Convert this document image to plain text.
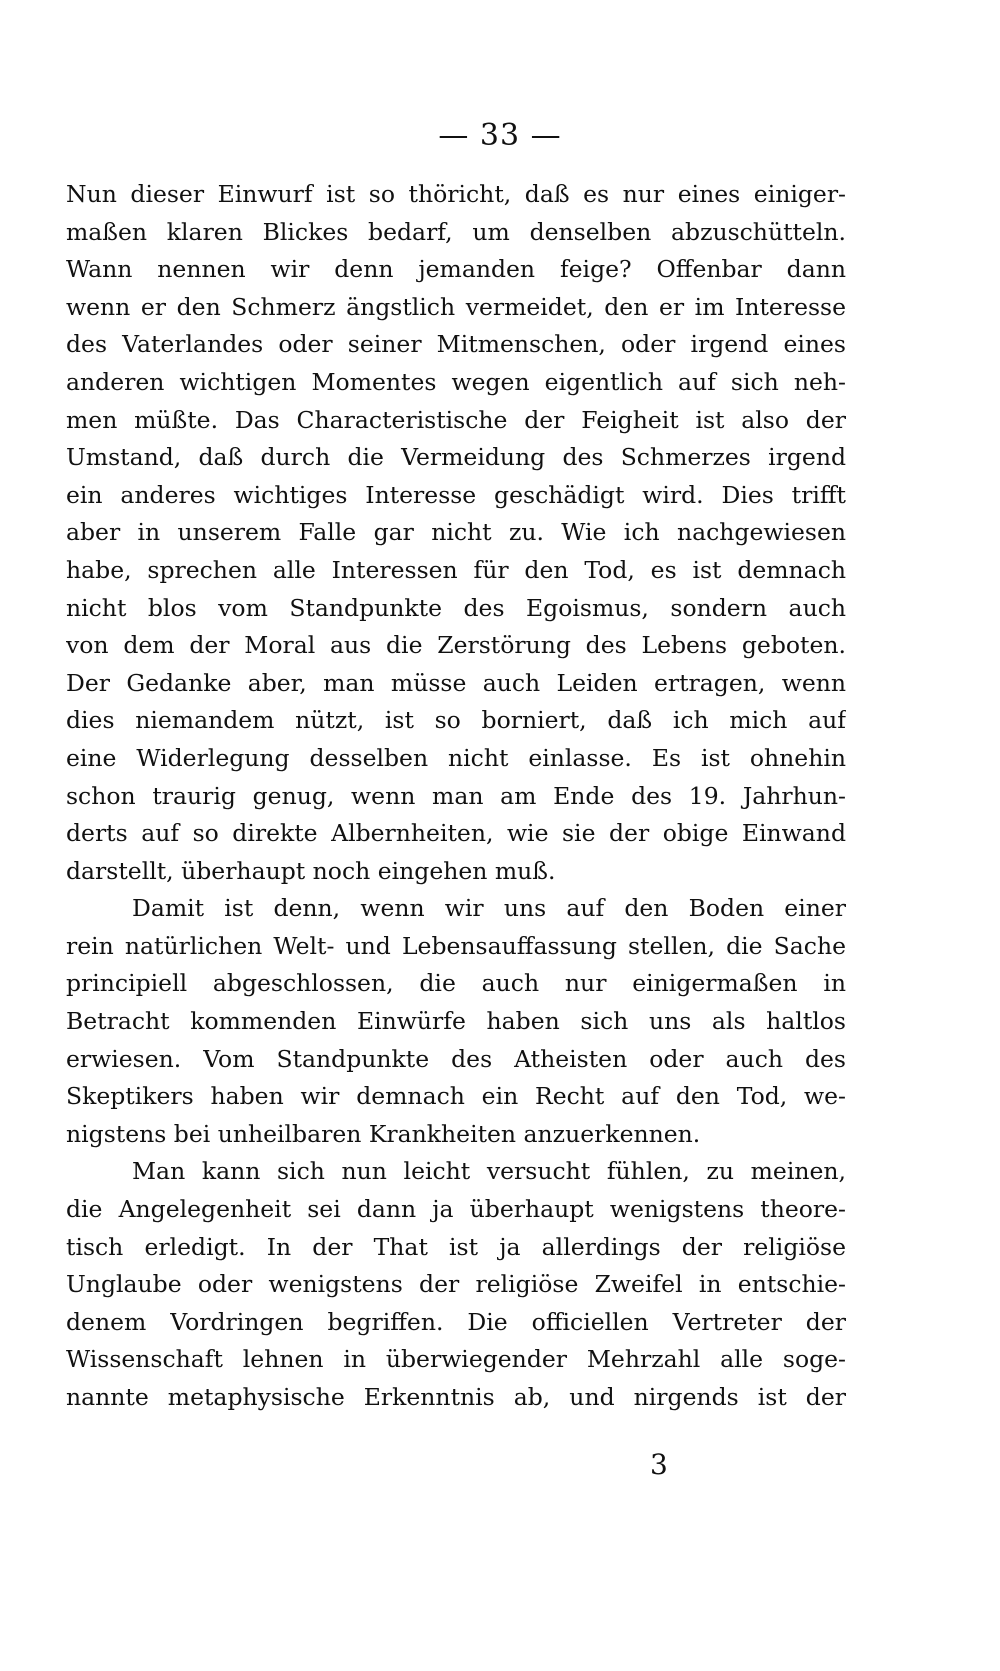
— 33 —
Nun dieser Einwurf ist so thöricht, daß es nur eines einiger-
maßen klaren Blickes bedarf, um denselben abzuschütteln.
Wann nennen wir denn jemanden feige? Offenbar dann
wenn er den Schmerz ängstlich vermeidet, den er im Interesse
des Vaterlandes oder seiner Mitmenschen, oder irgend eines
anderen wichtigen Momentes wegen eigentlich auf sich neh-
men müßte. Das Characteristische der Feigheit ist also der
Umstand, daß durch die Vermeidung des Schmerzes irgend
ein anderes wichtiges Interesse geschädigt wird. Dies trifft
aber in unserem Falle gar nicht zu. Wie ich nachgewiesen
habe, sprechen alle Interessen für den Tod, es ist demnach
nicht blos vom Standpunkte des Egoismus, sondern auch
von dem der Moral aus die Zerstörung des Lebens geboten.
Der Gedanke aber, man müsse auch Leiden ertragen, wenn
dies niemandem nützt, ist so borniert, daß ich mich auf
eine Widerlegung desselben nicht einlasse. Es ist ohnehin
schon traurig genug, wenn man am Ende des 19. Jahrhun-
derts auf so direkte Albernheiten, wie sie der obige Einwand
darstellt, überhaupt noch eingehen muß.
Damit ist denn, wenn wir uns auf den Boden einer
rein natürlichen Welt- und Lebensauffassung stellen, die Sache
principiell abgeschlossen, die auch nur einigermaßen in
Betracht kommenden Einwürfe haben sich uns als haltlos
erwiesen. Vom Standpunkte des Atheisten oder auch des
Skeptikers haben wir demnach ein Recht auf den Tod, we-
nigstens bei unheilbaren Krankheiten anzuerkennen.
Man kann sich nun leicht versucht fühlen, zu meinen,
die Angelegenheit sei dann ja überhaupt wenigstens theore-
tisch erledigt. In der That ist ja allerdings der religiöse
Unglaube oder wenigstens der religiöse Zweifel in entschie-
denem Vordringen begriffen. Die officiellen Vertreter der
Wissenschaft lehnen in überwiegender Mehrzahl alle soge-
nannte metaphysische Erkenntnis ab, und nirgends ist der
3
